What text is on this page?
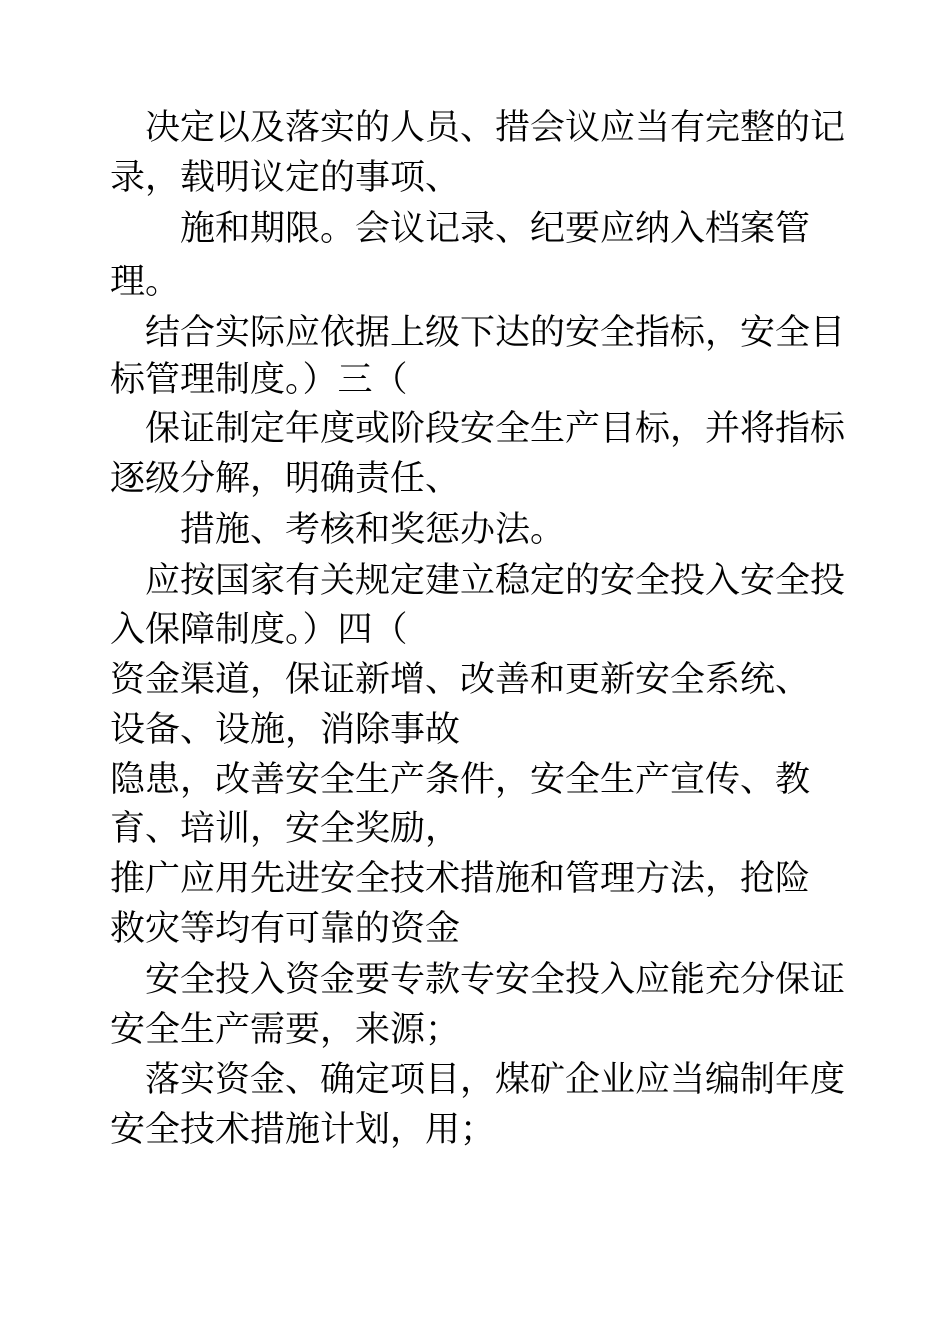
　决定以及落实的人员、措会议应当有完整的记
录，载明议定的事项、
　　施和期限。会议记录、纪要应纳入档案管
理。
　结合实际应依据上级下达的安全指标，安全目
标管理制度。）三（
　保证制定年度或阶段安全生产目标，并将指标
逐级分解，明确责任、
　　措施、考核和奖惩办法。
　应按国家有关规定建立稳定的安全投入安全投
入保障制度。）四（
资金渠道，保证新增、改善和更新安全系统、
设备、设施，消除事故
隐患，改善安全生产条件，安全生产宣传、教
育、培训，安全奖励，
推广应用先进安全技术措施和管理方法，抢险
救灾等均有可靠的资金
　安全投入资金要专款专安全投入应能充分保证
安全生产需要，来源；
　落实资金、确定项目，煤矿企业应当编制年度
安全技术措施计划，用；
